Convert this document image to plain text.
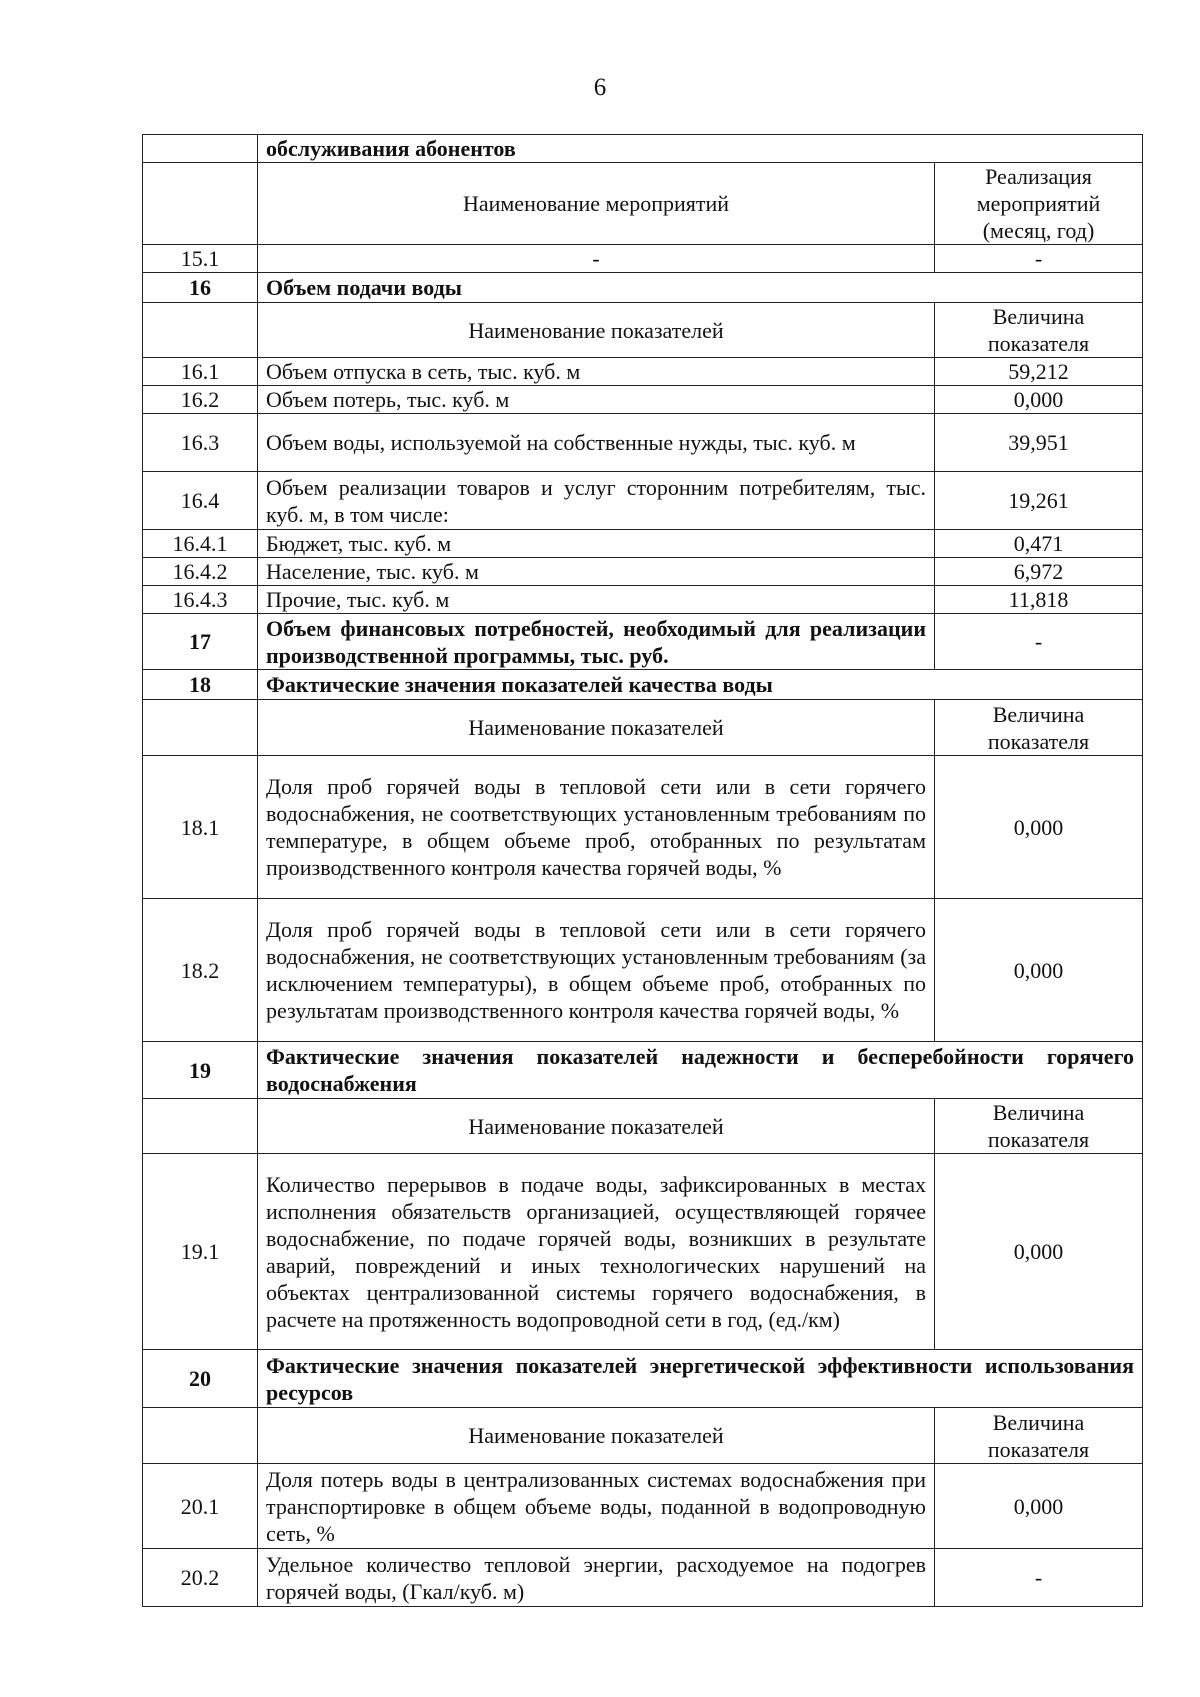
6
	обслуживания абонентов	
	Наименование мероприятий	Реализация мероприятий (месяц, год)
15.1	-	-
16	Объем подачи воды	
	Наименование показателей	Величина показателя
16.1	Объем отпуска в сеть, тыс. куб. м	59,212
16.2	Объем потерь, тыс. куб. м	0,000
16.3	Объем воды, используемой на собственные нужды, тыс. куб. м	39,951
16.4	Объем реализации товаров и услуг сторонним потребителям, тыс. куб. м, в том числе:	19,261
16.4.1	Бюджет, тыс. куб. м	0,471
16.4.2	Население, тыс. куб. м	6,972
16.4.3	Прочие, тыс. куб. м	11,818
17	Объем финансовых потребностей, необходимый для реализации производственной программы, тыс. руб.	-
18	Фактические значения показателей качества воды	
	Наименование показателей	Величина показателя
18.1	Доля проб горячей воды в тепловой сети или в сети горячего водоснабжения, не соответствующих установленным требованиям по температуре, в общем объеме проб, отобранных по результатам производственного контроля качества горячей воды, %	0,000
18.2	Доля проб горячей воды в тепловой сети или в сети горячего водоснабжения, не соответствующих установленным требованиям (за исключением температуры), в общем объеме проб, отобранных по результатам производственного контроля качества горячей воды, %	0,000
19	Фактические значения показателей надежности и бесперебойности горячего водоснабжения	
	Наименование показателей	Величина показателя
19.1	Количество перерывов в подаче воды, зафиксированных в местах исполнения обязательств организацией, осуществляющей горячее водоснабжение, по подаче горячей воды, возникших в результате аварий, повреждений и иных технологических нарушений на объектах централизованной системы горячего водоснабжения, в расчете на протяженность водопроводной сети в год, (ед./км)	0,000
20	Фактические значения показателей энергетической эффективности использования ресурсов	
	Наименование показателей	Величина показателя
20.1	Доля потерь воды в централизованных системах водоснабжения при транспортировке в общем объеме воды, поданной в водопроводную сеть, %	0,000
20.2	Удельное количество тепловой энергии, расходуемое на подогрев горячей воды, (Гкал/куб. м)	-
